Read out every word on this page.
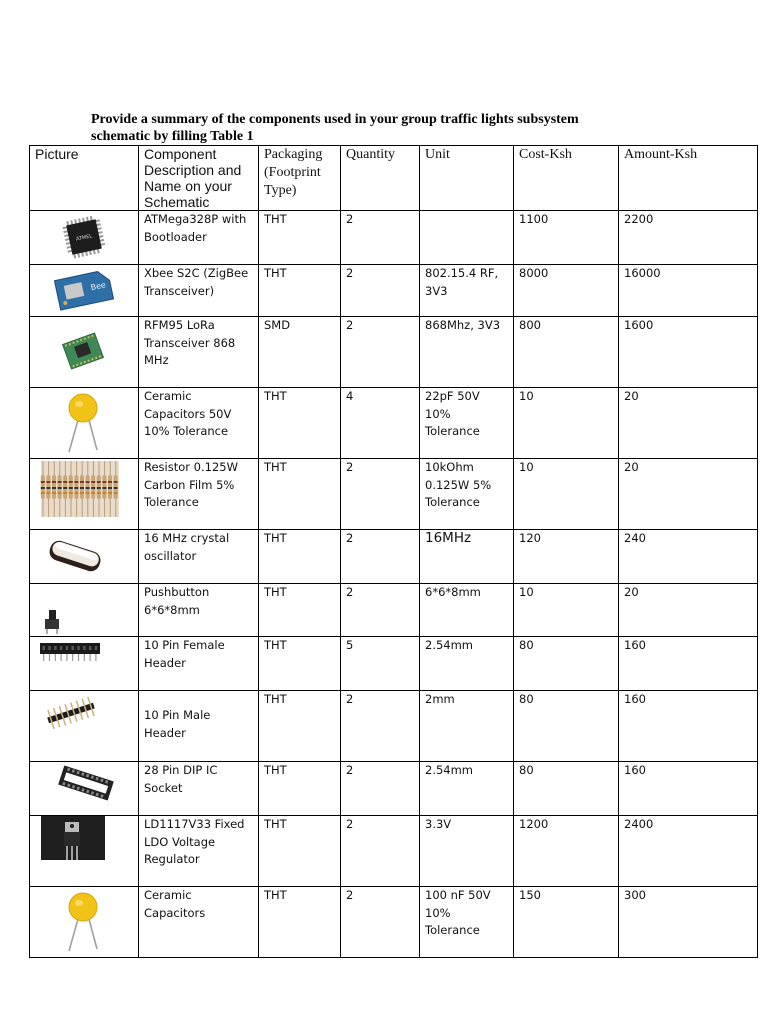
Provide a summary of the components used in your group traffic lights subsystem
schematic by filling Table 1
Picture	Component Description and Name on your Schematic	Packaging (Footprint Type)	Quantity	Unit	Cost-Ksh	Amount-Ksh

ATMEL	ATMega328P with Bootloader	THT	2		1100	2200

Bee	Xbee S2C (ZigBee Transceiver)	THT	2	802.15.4 RF, 3V3	8000	16000

	RFM95 LoRa Transceiver 868 MHz	SMD	2	868Mhz, 3V3	800	1600

	Ceramic Capacitors 50V 10% Tolerance	THT	4	22pF 50V 10% Tolerance	10	20

	Resistor 0.125W Carbon Film 5% Tolerance	THT	2	10kOhm 0.125W 5% Tolerance	10	20

	16 MHz crystal oscillator	THT	2	16MHz	120	240

	Pushbutton 6*6*8mm	THT	2	6*6*8mm	10	20

	10 Pin Female Header	THT	5	2.54mm	80	160

	10 Pin Male Header	THT	2	2mm	80	160

	28 Pin DIP IC Socket	THT	2	2.54mm	80	160

	LD1117V33 Fixed LDO Voltage Regulator	THT	2	3.3V	1200	2400

	Ceramic Capacitors	THT	2	100 nF 50V 10% Tolerance	150	300
